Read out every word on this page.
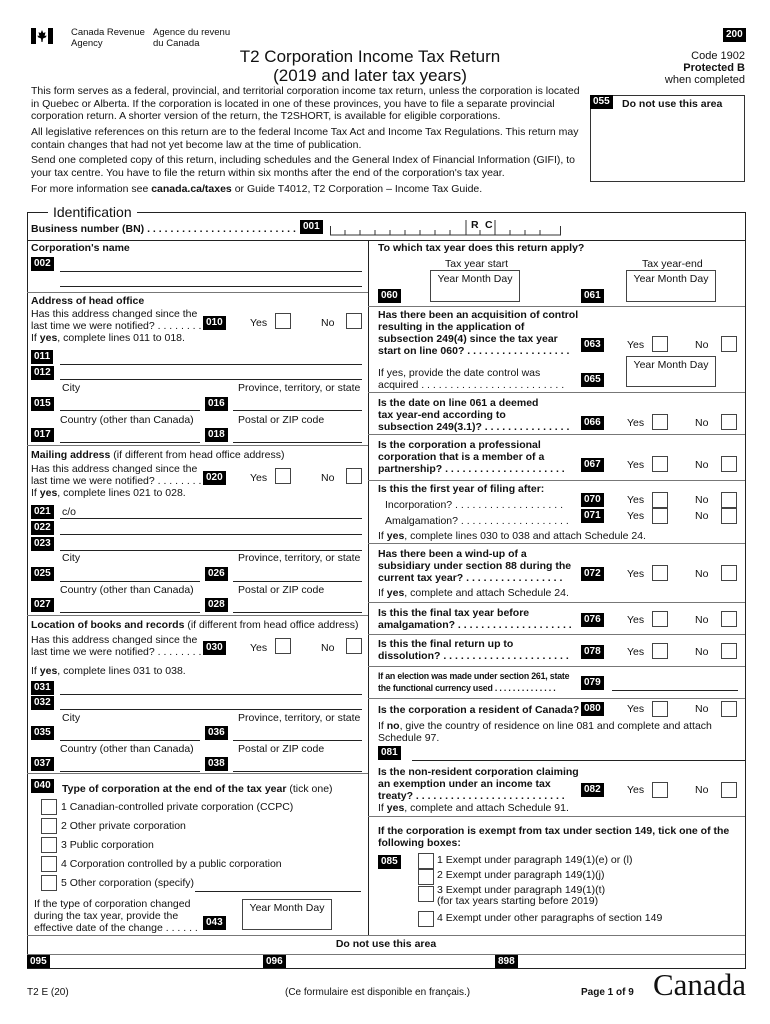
Canada Revenue
Agency
Agence du revenu
du Canada
200
T2 Corporation Income Tax Return
(2019 and later tax years)
Code 1902
Protected B
when completed
This form serves as a federal, provincial, and territorial corporation income tax return, unless the corporation is located in Quebec or Alberta. If the corporation is located in one of these provinces, you have to file a separate provincial corporation return. A shorter version of the return, the T2SHORT, is available for eligible corporations.
All legislative references on this return are to the federal Income Tax Act and Income Tax Regulations. This return may contain changes that had not yet become law at the time of publication.
Send one completed copy of this return, including schedules and the General Index of Financial Information (GIFI), to your tax centre. You have to file the return within six months after the end of the corporation's tax year.
For more information see canada.ca/taxes or Guide T4012, T2 Corporation – Income Tax Guide.
055 Do not use this area
Identification
Business number (BN) . . . . . . . . . . . . . . . . . . . . . . . . . . 001	R C
Corporation's name
002
Address of head office
Has this address changed since the
last time we were notified? . . . . . . . . 010	Yes	No
If yes, complete lines 011 to 018.
011
012
City	Province, territory, or state
015	016
Country (other than Canada)	Postal or ZIP code
017	018
Mailing address (if different from head office address)
Has this address changed since the
last time we were notified? . . . . . . . . 020	Yes	No
If yes, complete lines 021 to 028.
021 c/o
022
023
City	Province, territory, or state
025	026
Country (other than Canada)	Postal or ZIP code
027	028
Location of books and records (if different from head office address)
Has this address changed since the
last time we were notified? . . . . . . . . 030	Yes	No
If yes, complete lines 031 to 038.
031
032
City	Province, territory, or state
035	036
Country (other than Canada)	Postal or ZIP code
037	038
040 Type of corporation at the end of the tax year (tick one)
1 Canadian-controlled private corporation (CCPC)
2 Other private corporation
3 Public corporation
4 Corporation controlled by a public corporation
5 Other corporation (specify)
If the type of corporation changed
during the tax year, provide the
effective date of the change . . . . . . 043
Year Month Day
To which tax year does this return apply?
Tax year start	Tax year-end
Year Month Day
060	061
Year Month Day
Has there been an acquisition of control
resulting in the application of
subsection 249(4) since the tax year
start on line 060? . . . . . . . . . . . . . . . . . .
063	Yes	No
Year Month Day
If yes, provide the date control was
acquired . . . . . . . . . . . . . . . . . . . . . . . . .	065
Is the date on line 061 a deemed
tax year-end according to
subsection 249(3.1)? . . . . . . . . . . . . . . .	066	Yes	No
Is the corporation a professional
corporation that is a member of a
partnership? . . . . . . . . . . . . . . . . . . . . .	067	Yes	No
Is this the first year of filing after:
Incorporation? . . . . . . . . . . . . . . . . . . .	070	Yes	No
Amalgamation? . . . . . . . . . . . . . . . . . . .	071	Yes	No
If yes, complete lines 030 to 038 and attach Schedule 24.
Has there been a wind-up of a
subsidiary under section 88 during the
current tax year? . . . . . . . . . . . . . . . . .	072	Yes	No
If yes, complete and attach Schedule 24.
Is this the final tax year before
amalgamation? . . . . . . . . . . . . . . . . . . . .	076	Yes	No
Is this the final return up to
dissolution? . . . . . . . . . . . . . . . . . . . . . .	078	Yes	No
If an election was made under section 261, state
the functional currency used . . . . . . . . . . . . . .	079
Is the corporation a resident of Canada? 080	Yes	No
If no, give the country of residence on line 081 and complete and attach
Schedule 97.
081
Is the non-resident corporation claiming
an exemption under an income tax
treaty? . . . . . . . . . . . . . . . . . . . . . . . . . .
082	Yes	No
If yes, complete and attach Schedule 91.
If the corporation is exempt from tax under section 149, tick one of the
following boxes:
085	1 Exempt under paragraph 149(1)(e) or (l)
2 Exempt under paragraph 149(1)(j)
3 Exempt under paragraph 149(1)(t)
(for tax years starting before 2019)
4 Exempt under other paragraphs of section 149
Do not use this area
095	096	898
T2 E (20)	(Ce formulaire est disponible en français.)	Page 1 of 9 Canada
